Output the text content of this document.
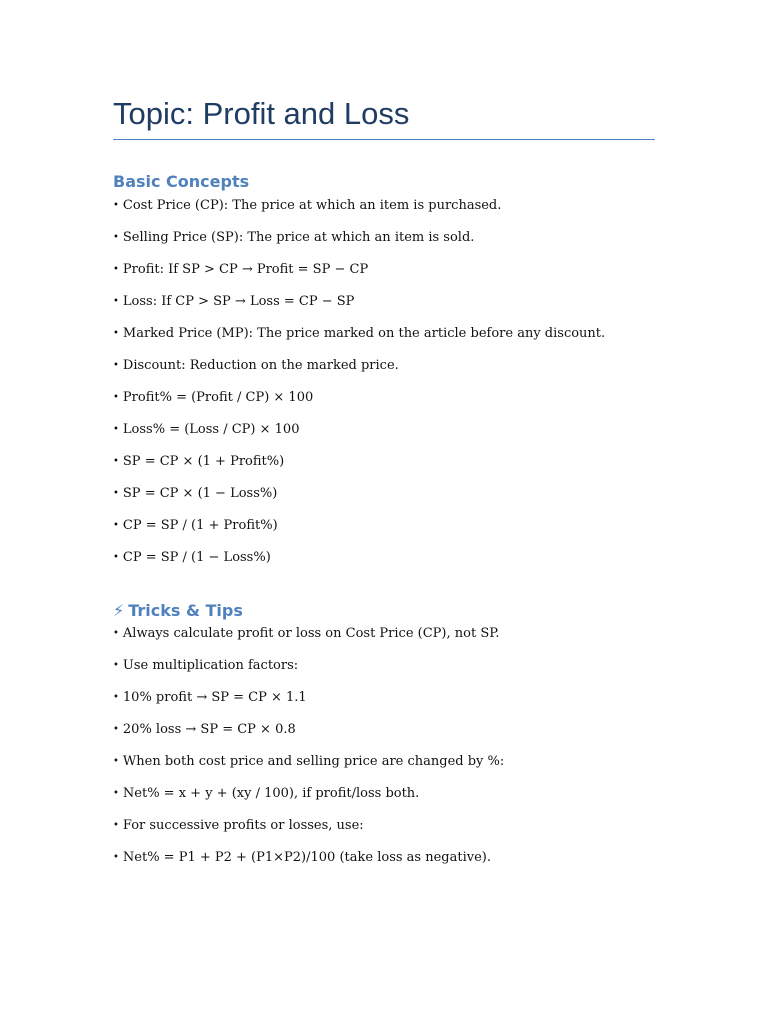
Topic: Profit and Loss
Basic Concepts
• Cost Price (CP): The price at which an item is purchased.
• Selling Price (SP): The price at which an item is sold.
• Profit: If SP > CP → Profit = SP − CP
• Loss: If CP > SP → Loss = CP − SP
• Marked Price (MP): The price marked on the article before any discount.
• Discount: Reduction on the marked price.
• Profit% = (Profit / CP) × 100
• Loss% = (Loss / CP) × 100
• SP = CP × (1 + Profit%)
• SP = CP × (1 − Loss%)
• CP = SP / (1 + Profit%)
• CP = SP / (1 − Loss%)
⚡ Tricks & Tips
• Always calculate profit or loss on Cost Price (CP), not SP.
• Use multiplication factors:
• 10% profit → SP = CP × 1.1
• 20% loss → SP = CP × 0.8
• When both cost price and selling price are changed by %:
• Net% = x + y + (xy / 100), if profit/loss both.
• For successive profits or losses, use:
• Net% = P1 + P2 + (P1×P2)/100 (take loss as negative).
